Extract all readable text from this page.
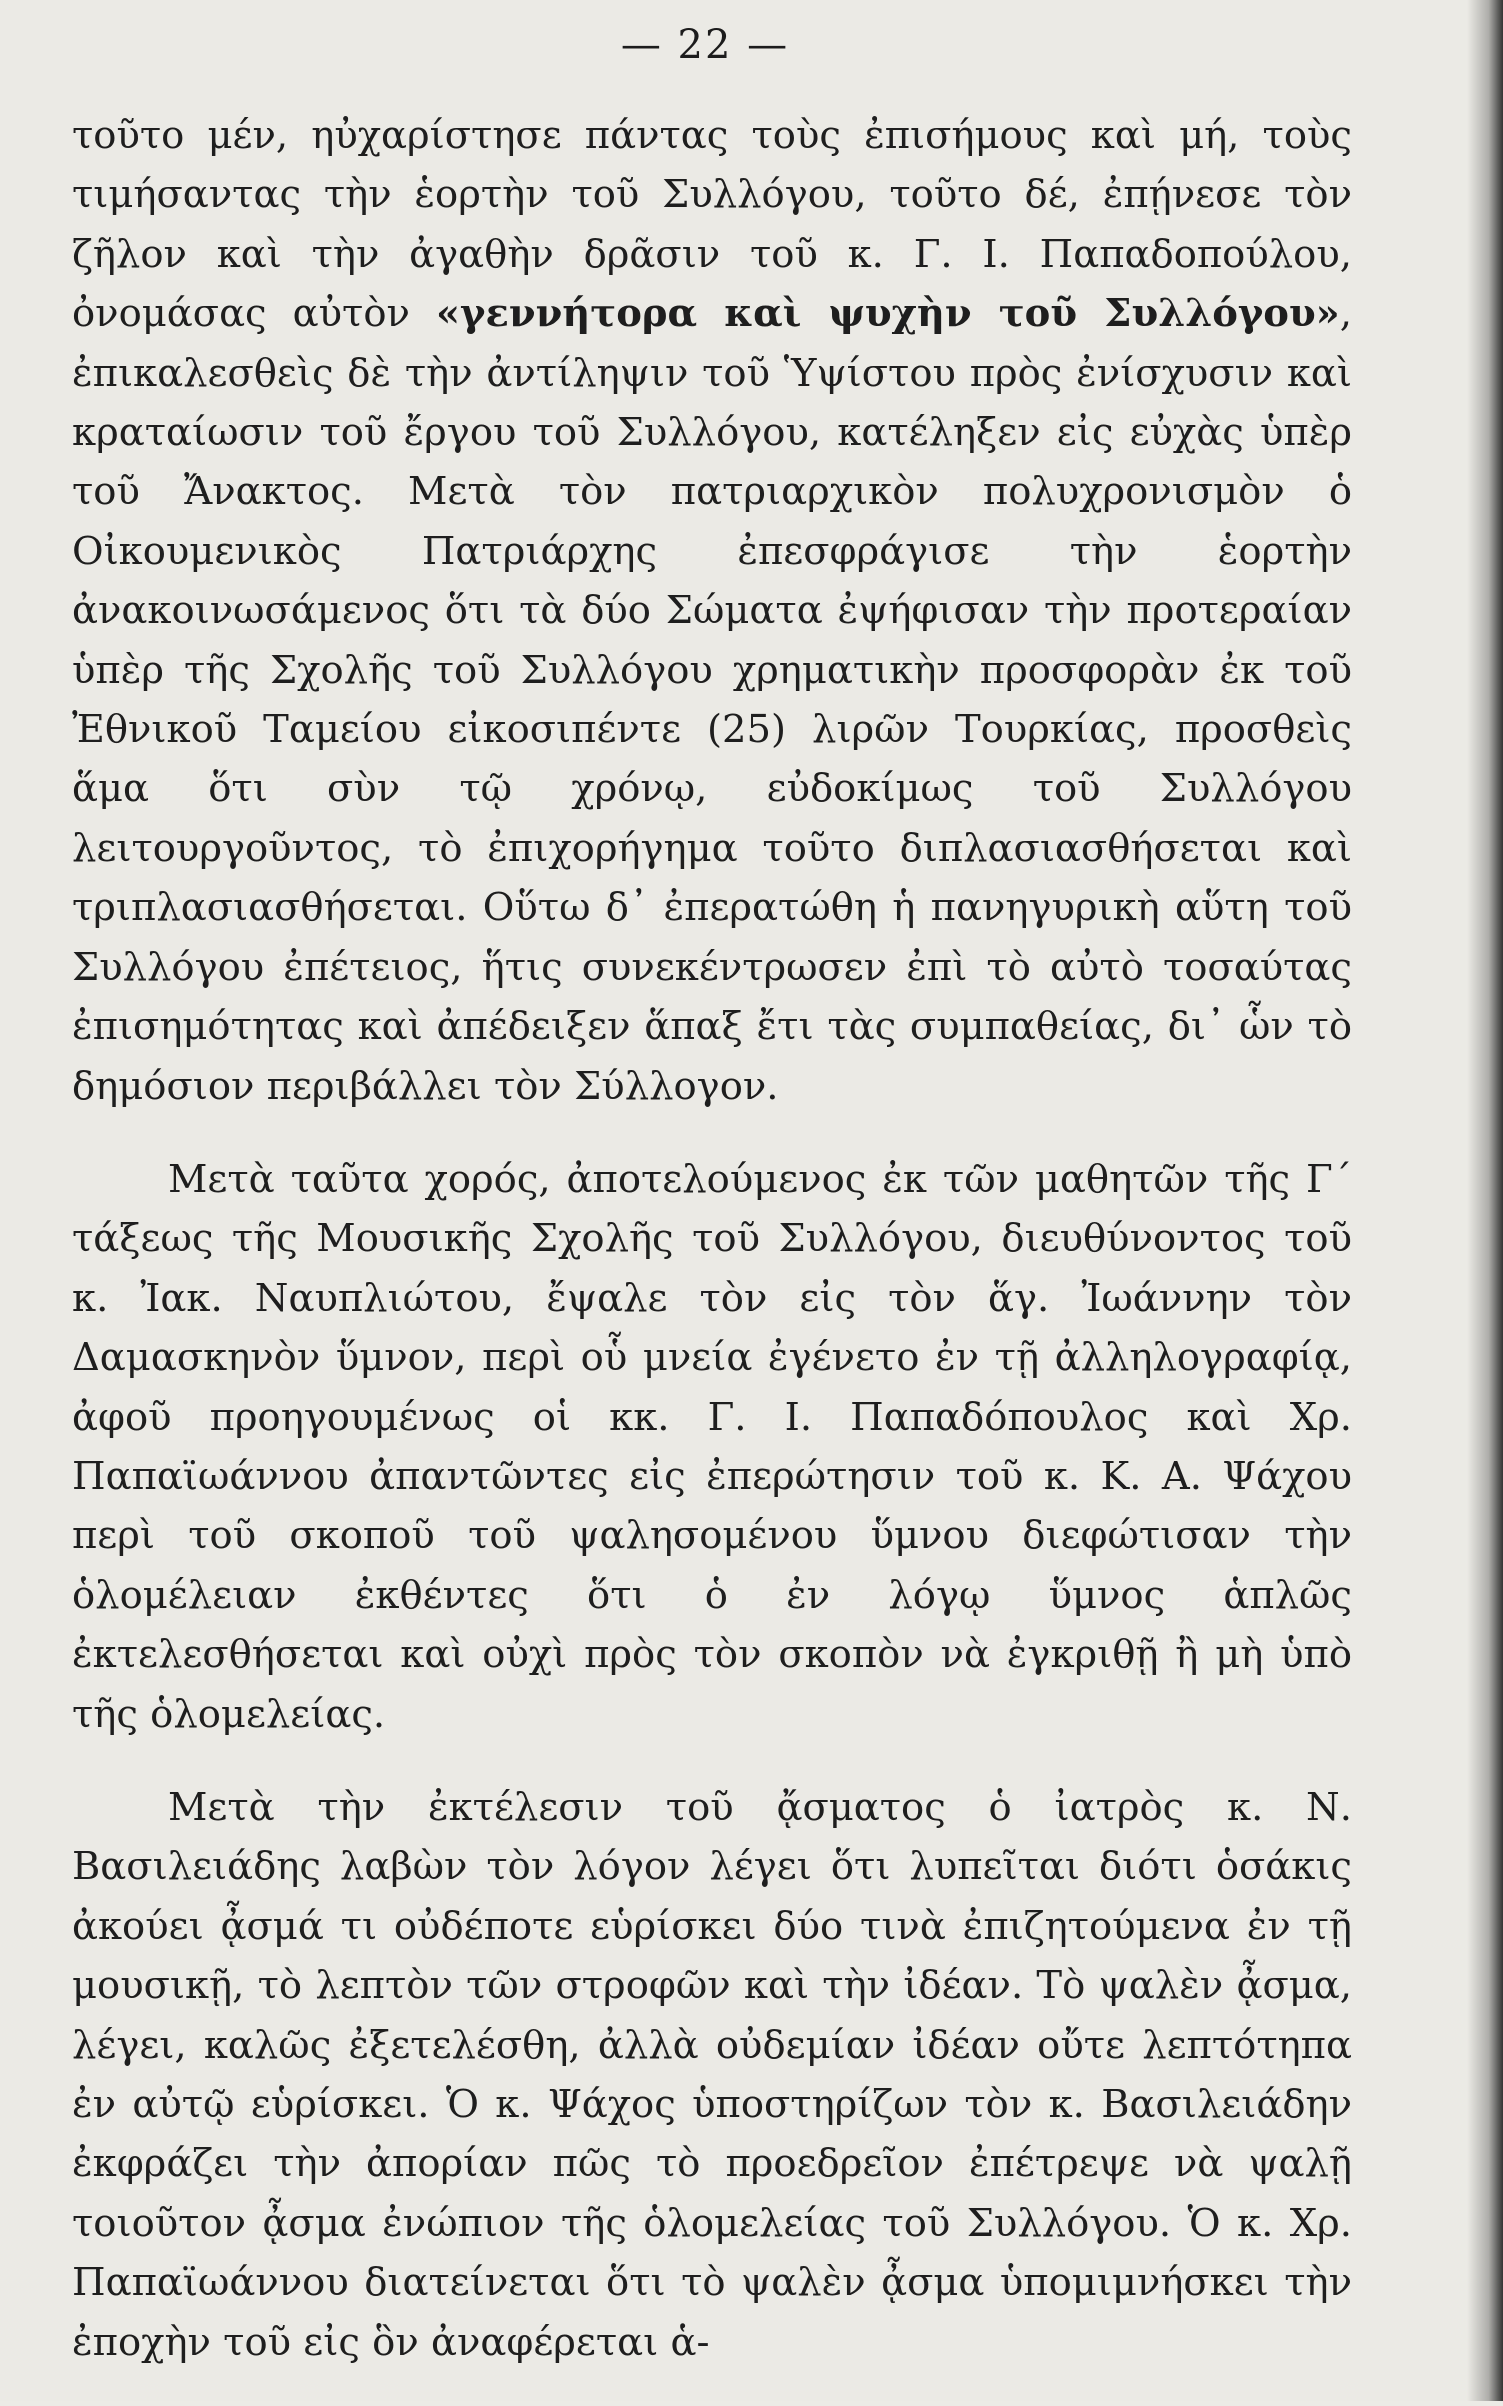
— 22 —

τοῦτο μέν, ηὐχαρίστησε πάντας τοὺς ἐπισήμους καὶ μή, τοὺς τιμήσαντας τὴν ἑορτὴν τοῦ Συλλόγου, τοῦτο δέ, ἐπῄνεσε τὸν ζῆλον καὶ τὴν ἀγαθὴν δρᾶσιν τοῦ κ. Γ. Ι. Παπαδοπούλου, ὀνομάσας αὐτὸν «γεννήτορα καὶ ψυχὴν τοῦ Συλλόγου», ἐπικαλεσθεὶς δὲ τὴν ἀντίληψιν τοῦ Ὑψίστου πρὸς ἐνίσχυσιν καὶ κραταίωσιν τοῦ ἔργου τοῦ Συλλόγου, κατέληξεν εἰς εὐχὰς ὑπὲρ τοῦ Ἄνακτος. Μετὰ τὸν πατριαρχικὸν πολυχρονισμὸν ὁ Οἰκουμενικὸς Πατριάρχης ἐπεσφράγισε τὴν ἑορτὴν ἀνακοινωσάμενος ὅτι τὰ δύο Σώματα ἐψήφισαν τὴν προτεραίαν ὑπὲρ τῆς Σχολῆς τοῦ Συλλόγου χρηματικὴν προσφορὰν ἐκ τοῦ Ἐθνικοῦ Ταμείου εἰκοσιπέντε (25) λιρῶν Τουρκίας, προσθεὶς ἅμα ὅτι σὺν τῷ χρόνῳ, εὐδοκίμως τοῦ Συλλόγου λειτουργοῦντος, τὸ ἐπιχορήγημα τοῦτο διπλασιασθήσεται καὶ τριπλασιασθήσεται. Οὕτω δ᾽ ἐπερατώθη ἡ πανηγυρικὴ αὕτη τοῦ Συλλόγου ἐπέτειος, ἥτις συνεκέντρωσεν ἐπὶ τὸ αὐτὸ τοσαύτας ἐπισημότητας καὶ ἀπέδειξεν ἅπαξ ἔτι τὰς συμπαθείας, δι᾽ ὧν τὸ δημόσιον περιβάλλει τὸν Σύλλογον.

Μετὰ ταῦτα χορός, ἀποτελούμενος ἐκ τῶν μαθητῶν τῆς Γ΄ τάξεως τῆς Μουσικῆς Σχολῆς τοῦ Συλλόγου, διευθύνοντος τοῦ κ. Ἰακ. Ναυπλιώτου, ἔψαλε τὸν εἰς τὸν ἅγ. Ἰωάννην τὸν Δαμασκηνὸν ὕμνον, περὶ οὗ μνεία ἐγένετο ἐν τῇ ἀλληλογραφίᾳ, ἀφοῦ προηγουμένως οἱ κκ. Γ. Ι. Παπαδόπουλος καὶ Χρ. Παπαϊωάννου ἀπαντῶντες εἰς ἐπερώτησιν τοῦ κ. Κ. Α. Ψάχου περὶ τοῦ σκοποῦ τοῦ ψαλησομένου ὕμνου διεφώτισαν τὴν ὁλομέλειαν ἐκθέντες ὅτι ὁ ἐν λόγῳ ὕμνος ἁπλῶς ἐκτελεσθήσεται καὶ οὐχὶ πρὸς τὸν σκοπὸν νὰ ἐγκριθῇ ἢ μὴ ὑπὸ τῆς ὁλομελείας.

Μετὰ τὴν ἐκτέλεσιν τοῦ ᾄσματος ὁ ἰατρὸς κ. Ν. Βασιλειάδης λαβὼν τὸν λόγον λέγει ὅτι λυπεῖται διότι ὁσάκις ἀκούει ᾆσμά τι οὐδέποτε εὑρίσκει δύο τινὰ ἐπιζητούμενα ἐν τῇ μουσικῇ, τὸ λεπτὸν τῶν στροφῶν καὶ τὴν ἰδέαν. Τὸ ψαλὲν ᾆσμα, λέγει, καλῶς ἐξετελέσθη, ἀλλὰ οὐδεμίαν ἰδέαν οὔτε λεπτότηπα ἐν αὐτῷ εὑρίσκει. Ὁ κ. Ψάχος ὑποστηρίζων τὸν κ. Βασιλειάδην ἐκφράζει τὴν ἀπορίαν πῶς τὸ προεδρεῖον ἐπέτρεψε νὰ ψαλῇ τοιοῦτον ᾆσμα ἐνώπιον τῆς ὁλομελείας τοῦ Συλλόγου. Ὁ κ. Χρ. Παπαϊωάννου διατείνεται ὅτι τὸ ψαλὲν ᾆσμα ὑπομιμνήσκει τὴν ἐποχὴν τοῦ εἰς ὃν ἀναφέρεται ἁ-
